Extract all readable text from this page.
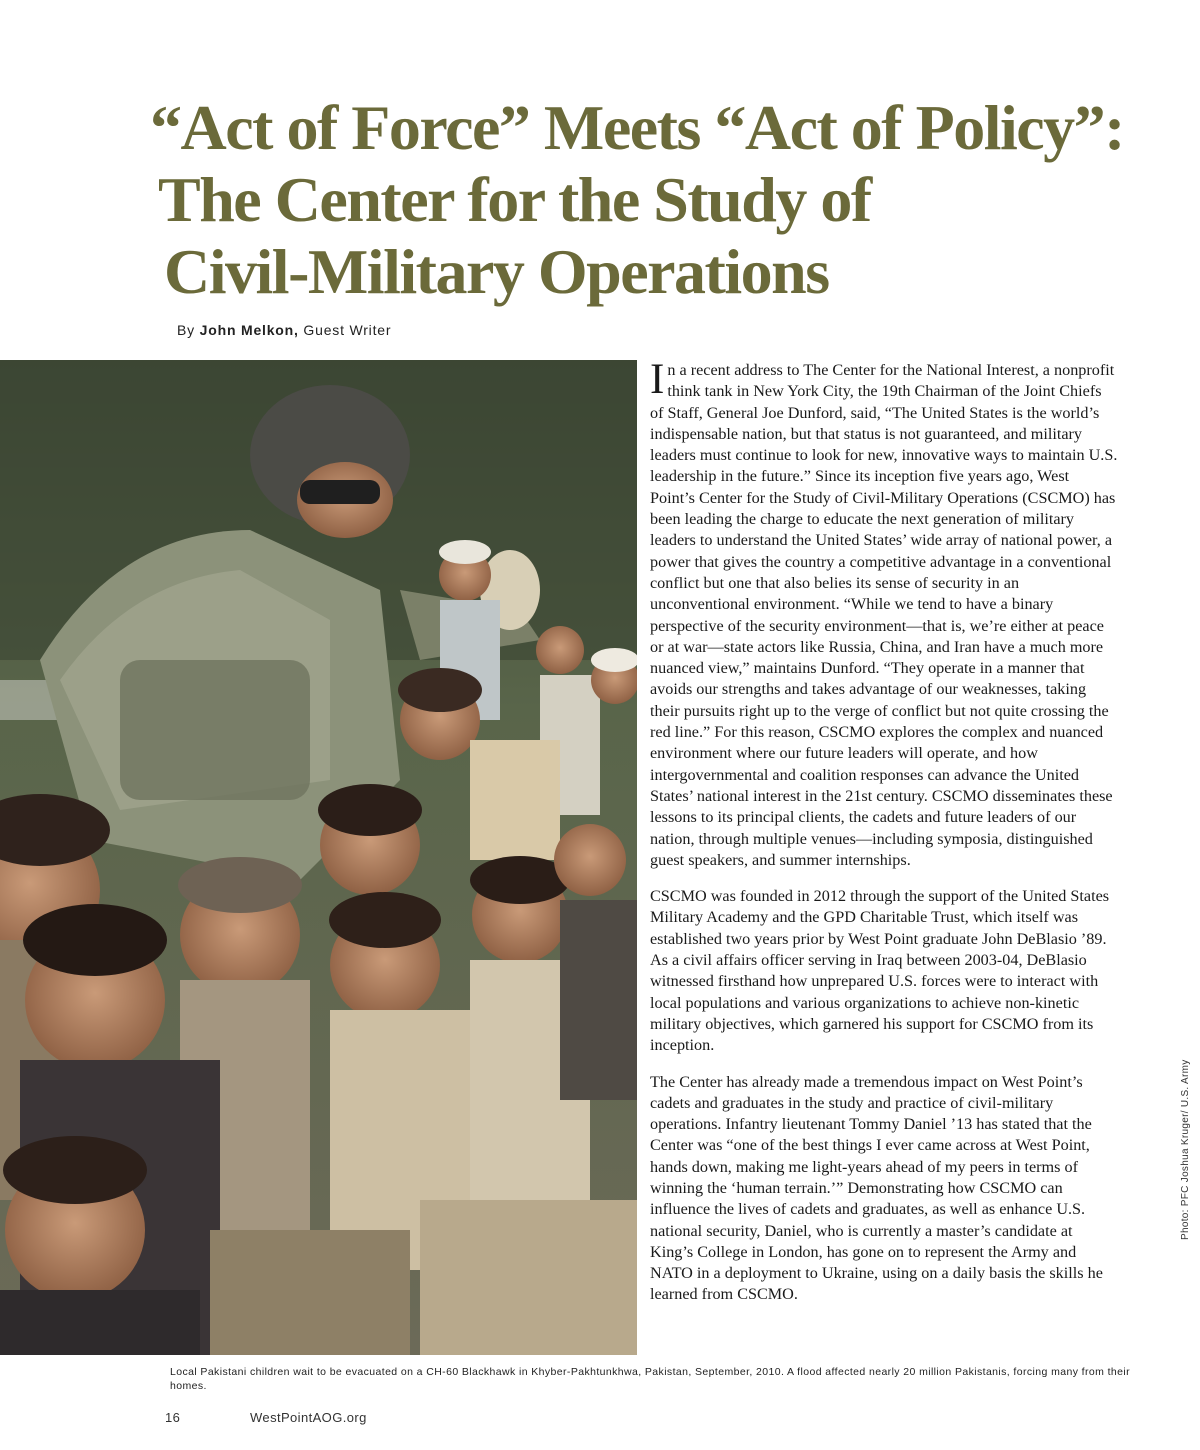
“Act of Force” Meets “Act of Policy”:
The Center for the Study of
Civil-Military Operations
By John Melkon, Guest Writer

In a recent address to The Center for the National Interest, a nonprofit think tank in New York City, the 19th Chairman of the Joint Chiefs of Staff, General Joe Dunford, said, “The United States is the world’s indispensable nation, but that status is not guaranteed, and military leaders must continue to look for new, innovative ways to maintain U.S. leadership in the future.” Since its inception five years ago, West Point’s Center for the Study of Civil-Military Operations (CSCMO) has been leading the charge to educate the next generation of military leaders to understand the United States’ wide array of national power, a power that gives the country a competitive advantage in a conventional conflict but one that also belies its sense of security in an unconventional environment. “While we tend to have a binary perspective of the security environment—that is, we’re either at peace or at war—state actors like Russia, China, and Iran have a much more nuanced view,” maintains Dunford. “They operate in a manner that avoids our strengths and takes advantage of our weaknesses, taking their pursuits right up to the verge of conflict but not quite crossing the red line.” For this reason, CSCMO explores the complex and nuanced environment where our future leaders will operate, and how intergovernmental and coalition responses can advance the United States’ national interest in the 21st century. CSCMO disseminates these lessons to its principal clients, the cadets and future leaders of our nation, through multiple venues—including symposia, distinguished guest speakers, and summer internships.

CSCMO was founded in 2012 through the support of the United States Military Academy and the GPD Charitable Trust, which itself was established two years prior by West Point graduate John DeBlasio ’89. As a civil affairs officer serving in Iraq between 2003-04, DeBlasio witnessed firsthand how unprepared U.S. forces were to interact with local populations and various organizations to achieve non-kinetic military objectives, which garnered his support for CSCMO from its inception.

The Center has already made a tremendous impact on West Point’s cadets and graduates in the study and practice of civil-military operations. Infantry lieutenant Tommy Daniel ’13 has stated that the Center was “one of the best things I ever came across at West Point, hands down, making me light-years ahead of my peers in terms of winning the ‘human terrain.’” Demonstrating how CSCMO can influence the lives of cadets and graduates, as well as enhance U.S. national security, Daniel, who is currently a master’s candidate at King’s College in London, has gone on to represent the Army and NATO in a deployment to Ukraine, using on a daily basis the skills he learned from CSCMO.

Local Pakistani children wait to be evacuated on a CH-60 Blackhawk in Khyber-Pakhtunkhwa, Pakistan, September, 2010. A flood affected nearly 20 million Pakistanis, forcing many from their homes.
Photo: PFC Joshua Kruger/ U.S. Army
16	WestPointAOG.org
